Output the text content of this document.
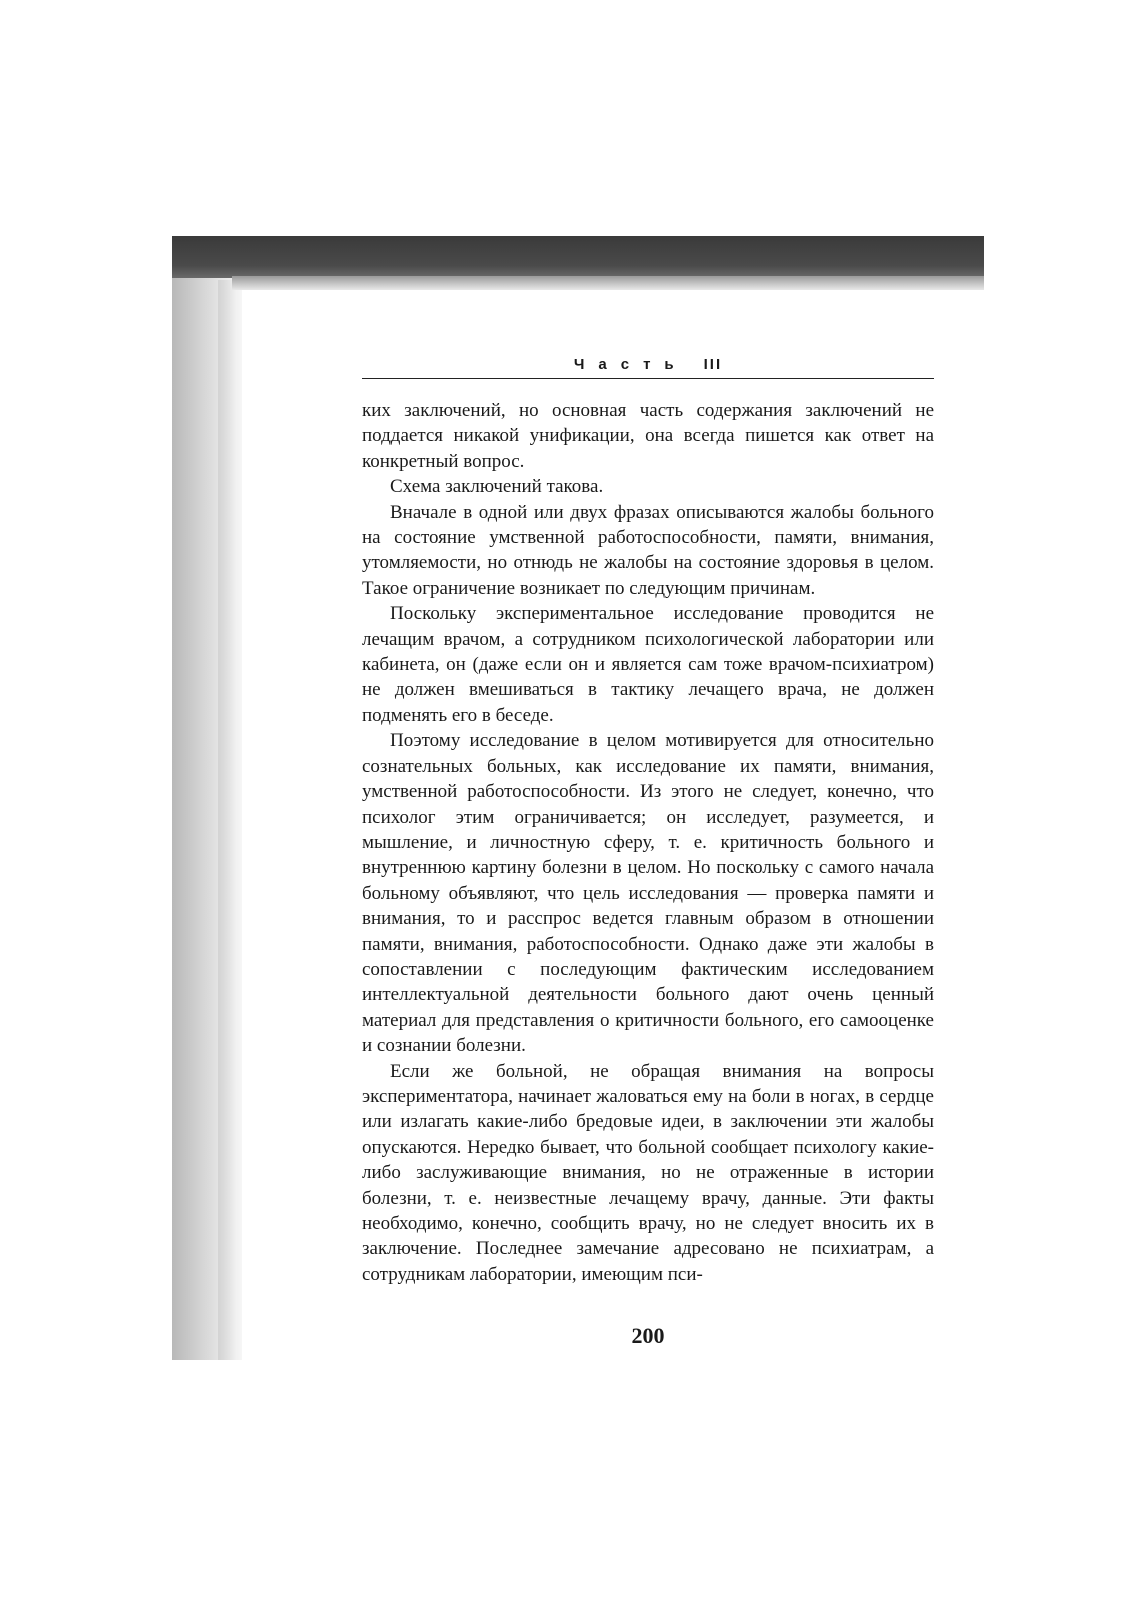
Часть III

ких заключений, но основная часть содержания заключений не поддается никакой унификации, она всегда пишется как ответ на конкретный вопрос.

Схема заключений такова.

Вначале в одной или двух фразах описываются жалобы больного на состояние умственной работоспособности, памяти, внимания, утомляемости, но отнюдь не жалобы на состояние здоровья в целом. Такое ограничение возникает по следующим причинам.

Поскольку экспериментальное исследование проводится не лечащим врачом, а сотрудником психологической лаборатории или кабинета, он (даже если он и является сам тоже врачом-психиатром) не должен вмешиваться в тактику лечащего врача, не должен подменять его в беседе.

Поэтому исследование в целом мотивируется для относительно сознательных больных, как исследование их памяти, внимания, умственной работоспособности. Из этого не следует, конечно, что психолог этим ограничивается; он исследует, разумеется, и мышление, и личностную сферу, т. е. критичность больного и внутреннюю картину болезни в целом. Но поскольку с самого начала больному объявляют, что цель исследования — проверка памяти и внимания, то и расспрос ведется главным образом в отношении памяти, внимания, работоспособности. Однако даже эти жалобы в сопоставлении с последующим фактическим исследованием интеллектуальной деятельности больного дают очень ценный материал для представления о критичности больного, его самооценке и сознании болезни.

Если же больной, не обращая внимания на вопросы экспериментатора, начинает жаловаться ему на боли в ногах, в сердце или излагать какие-либо бредовые идеи, в заключении эти жалобы опускаются. Нередко бывает, что больной сообщает психологу какие-либо заслуживающие внимания, но не отраженные в истории болезни, т. е. неизвестные лечащему врачу, данные. Эти факты необходимо, конечно, сообщить врачу, но не следует вносить их в заключение. Последнее замечание адресовано не психиатрам, а сотрудникам лаборатории, имеющим пси-

200
